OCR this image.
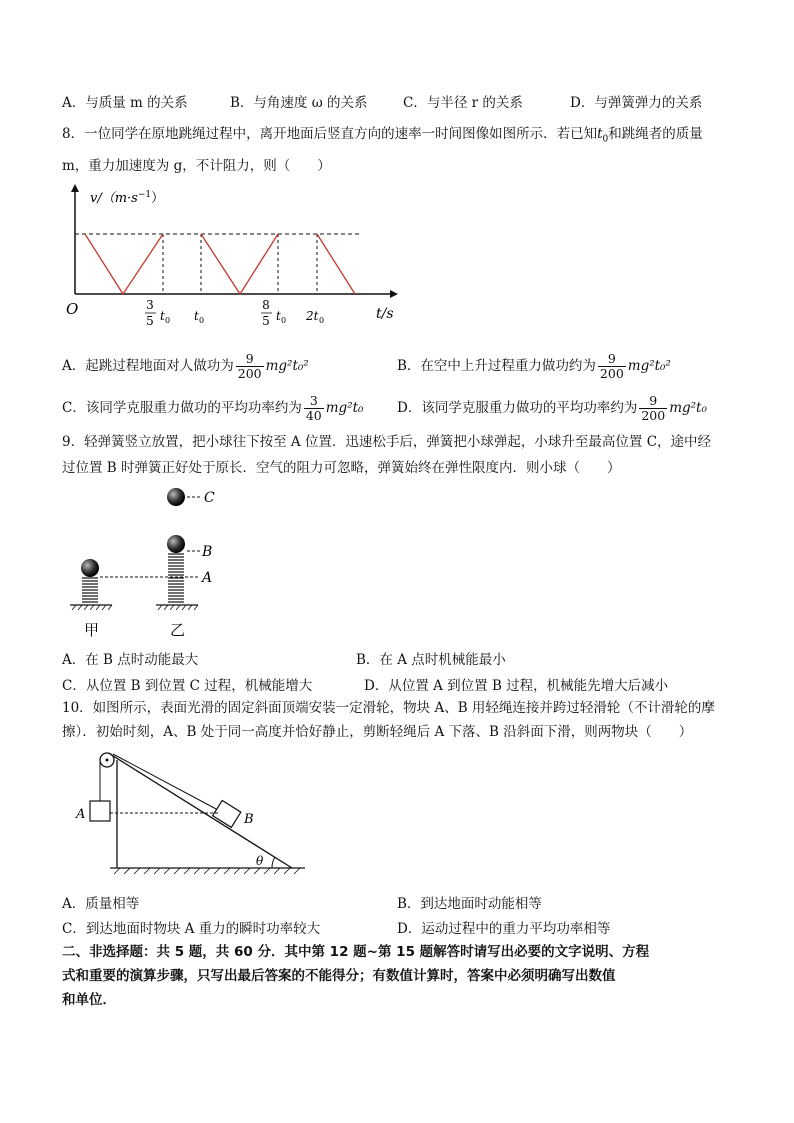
A．与质量 m 的关系	B．与角速度 ω 的关系	C．与半径 r 的关系	D．与弹簧弹力的关系
8．一位同学在原地跳绳过程中，离开地面后竖直方向的速率一时间图像如图所示．若已知$t_0$和跳绳者的质量
m，重力加速度为 g，不计阻力，则（　　）
$v/(m\cdot s^{-1})$
O	t/s
3
5 t 0 t 0
8
5 t 0 2t 0
A．起跳过程地面对人做功为 $\frac{9}{200} mg^2t_0^2$	B．在空中上升过程重力做功约为 $\frac{9}{200} mg^2t_0^2$
C．该同学克服重力做功的平均功率约为 $\frac{3}{40} mg^2t_0$ D．该同学克服重力做功的平均功率约为 $\frac{9}{200} mg^2t_0$
9．轻弹簧竖立放置，把小球往下按至 A 位置．迅速松手后，弹簧把小球弹起，小球升至最高位置 C，途中经
过位置 B 时弹簧正好处于原长．空气的阻力可忽略，弹簧始终在弹性限度内．则小球（　　）
C
甲
A
B
乙
A．在 B 点时动能最大	B．在 A 点时机械能最小
C．从位置 B 到位置 C 过程，机械能增大	D．从位置 A 到位置 B 过程，机械能先增大后减小
10．如图所示，表面光滑的固定斜面顶端安装一定滑轮，物块 A、B 用轻绳连接并跨过轻滑轮（不计滑轮的摩
擦）．初始时刻，A、B 处于同一高度并恰好静止，剪断轻绳后 A 下落、B 沿斜面下滑，则两物块（　　）
A	B
θ
A．质量相等	B．到达地面时动能相等
C．到达地面时物块 A 重力的瞬时功率较大	D．运动过程中的重力平均功率相等
二、非选择题：共 5 题，共 60 分．其中第 12 题~第 15 题解答时请写出必要的文字说明、方程
式和重要的演算步骤，只写出最后答案的不能得分；有数值计算时，答案中必须明确写出数值
和单位．
